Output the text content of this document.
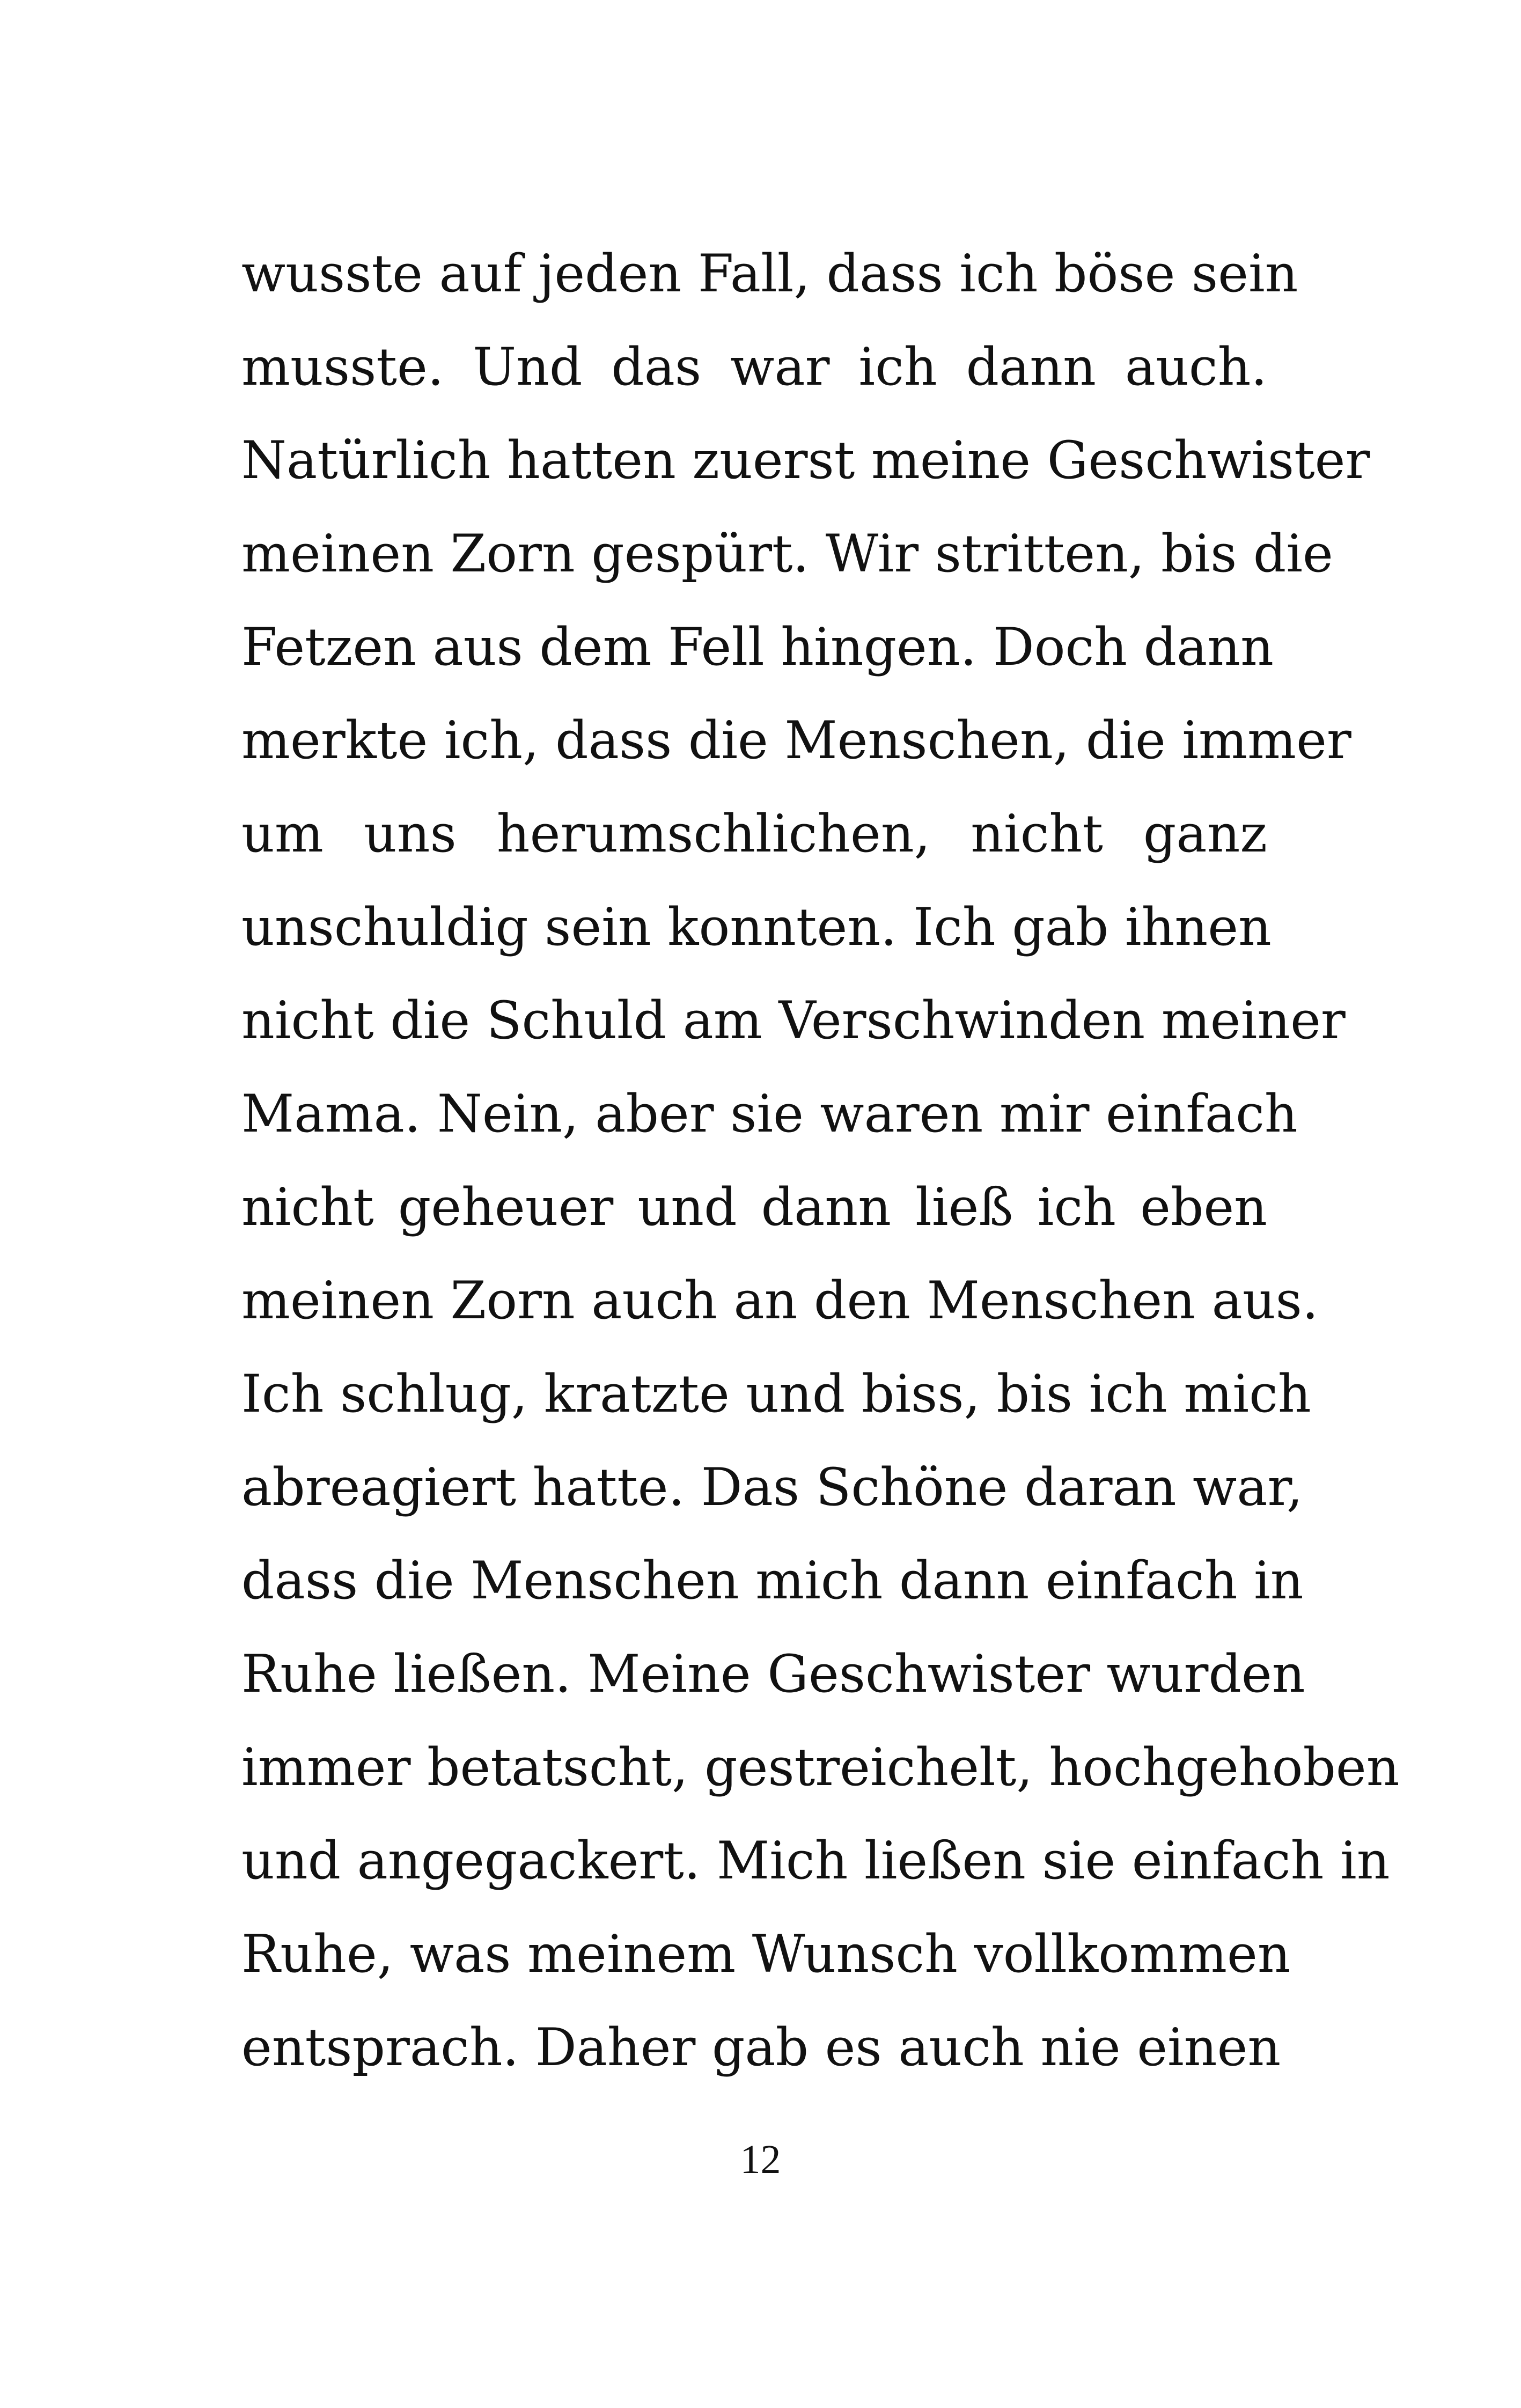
wusste auf jeden Fall, dass ich böse sein
musste. Und das war ich dann auch.
Natürlich hatten zuerst meine Geschwister
meinen Zorn gespürt. Wir stritten, bis die
Fetzen aus dem Fell hingen. Doch dann
merkte ich, dass die Menschen, die immer
um uns herumschlichen, nicht ganz
unschuldig sein konnten. Ich gab ihnen
nicht die Schuld am Verschwinden meiner
Mama. Nein, aber sie waren mir einfach
nicht geheuer und dann ließ ich eben
meinen Zorn auch an den Menschen aus.
Ich schlug, kratzte und biss, bis ich mich
abreagiert hatte. Das Schöne daran war,
dass die Menschen mich dann einfach in
Ruhe ließen. Meine Geschwister wurden
immer betatscht, gestreichelt, hochgehoben
und angegackert. Mich ließen sie einfach in
Ruhe, was meinem Wunsch vollkommen
entsprach. Daher gab es auch nie einen
12
